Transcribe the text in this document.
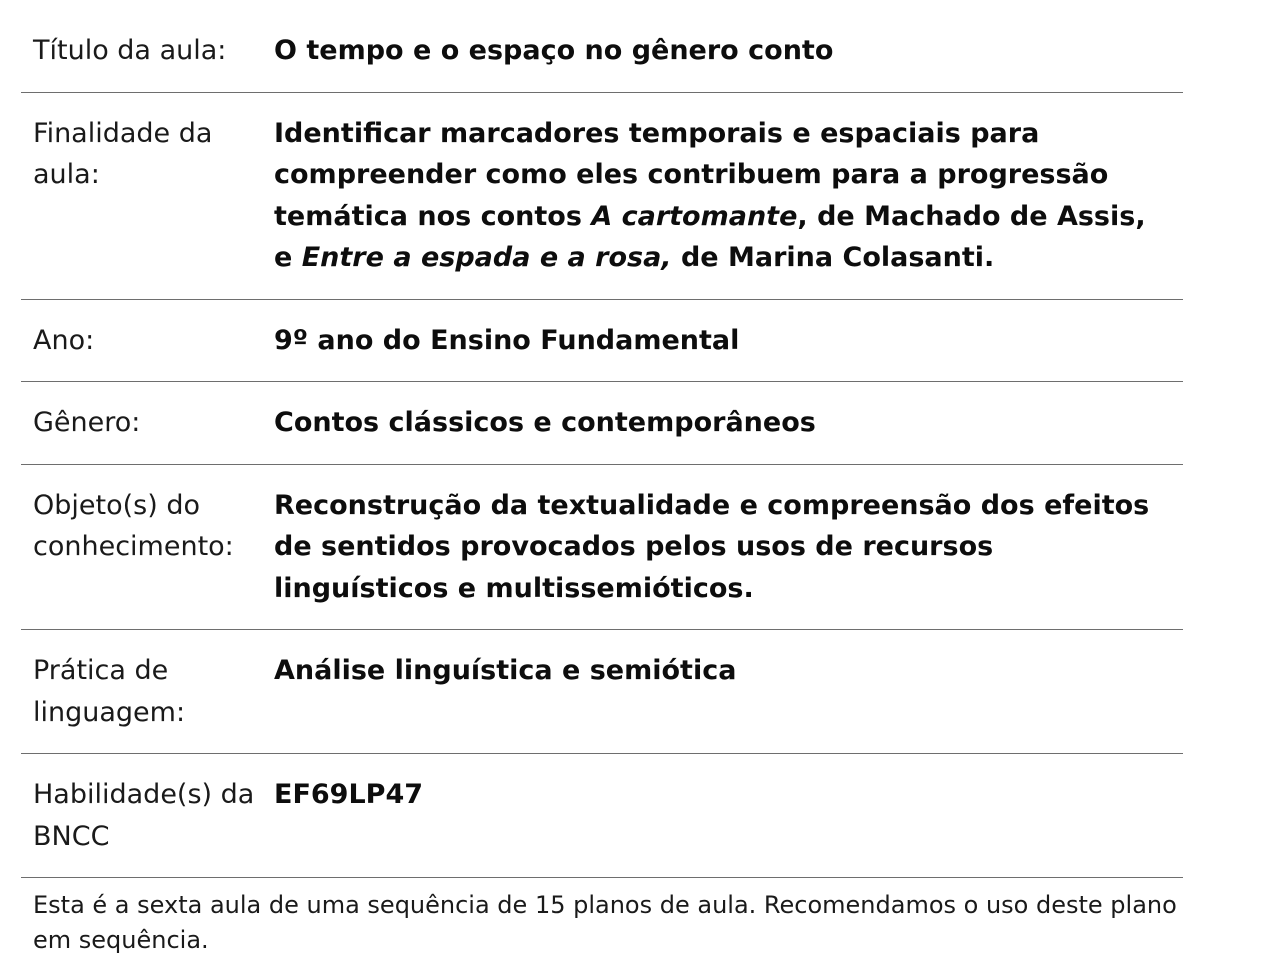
Título da aula:	O tempo e o espaço no gênero conto
Finalidade da aula:	Identificar marcadores temporais e espaciais para compreender como eles contribuem para a progressão temática nos contos A cartomante, de Machado de Assis, e Entre a espada e a rosa, de Marina Colasanti.
Ano:	9º ano do Ensino Fundamental
Gênero:	Contos clássicos e contemporâneos
Objeto(s) do conhecimento:	Reconstrução da textualidade e compreensão dos efeitos de sentidos provocados pelos usos de recursos linguísticos e multissemióticos.
Prática de linguagem:	Análise linguística e semiótica
Habilidade(s) da BNCC	EF69LP47
Esta é a sexta aula de uma sequência de 15 planos de aula. Recomendamos o uso deste plano em sequência.
